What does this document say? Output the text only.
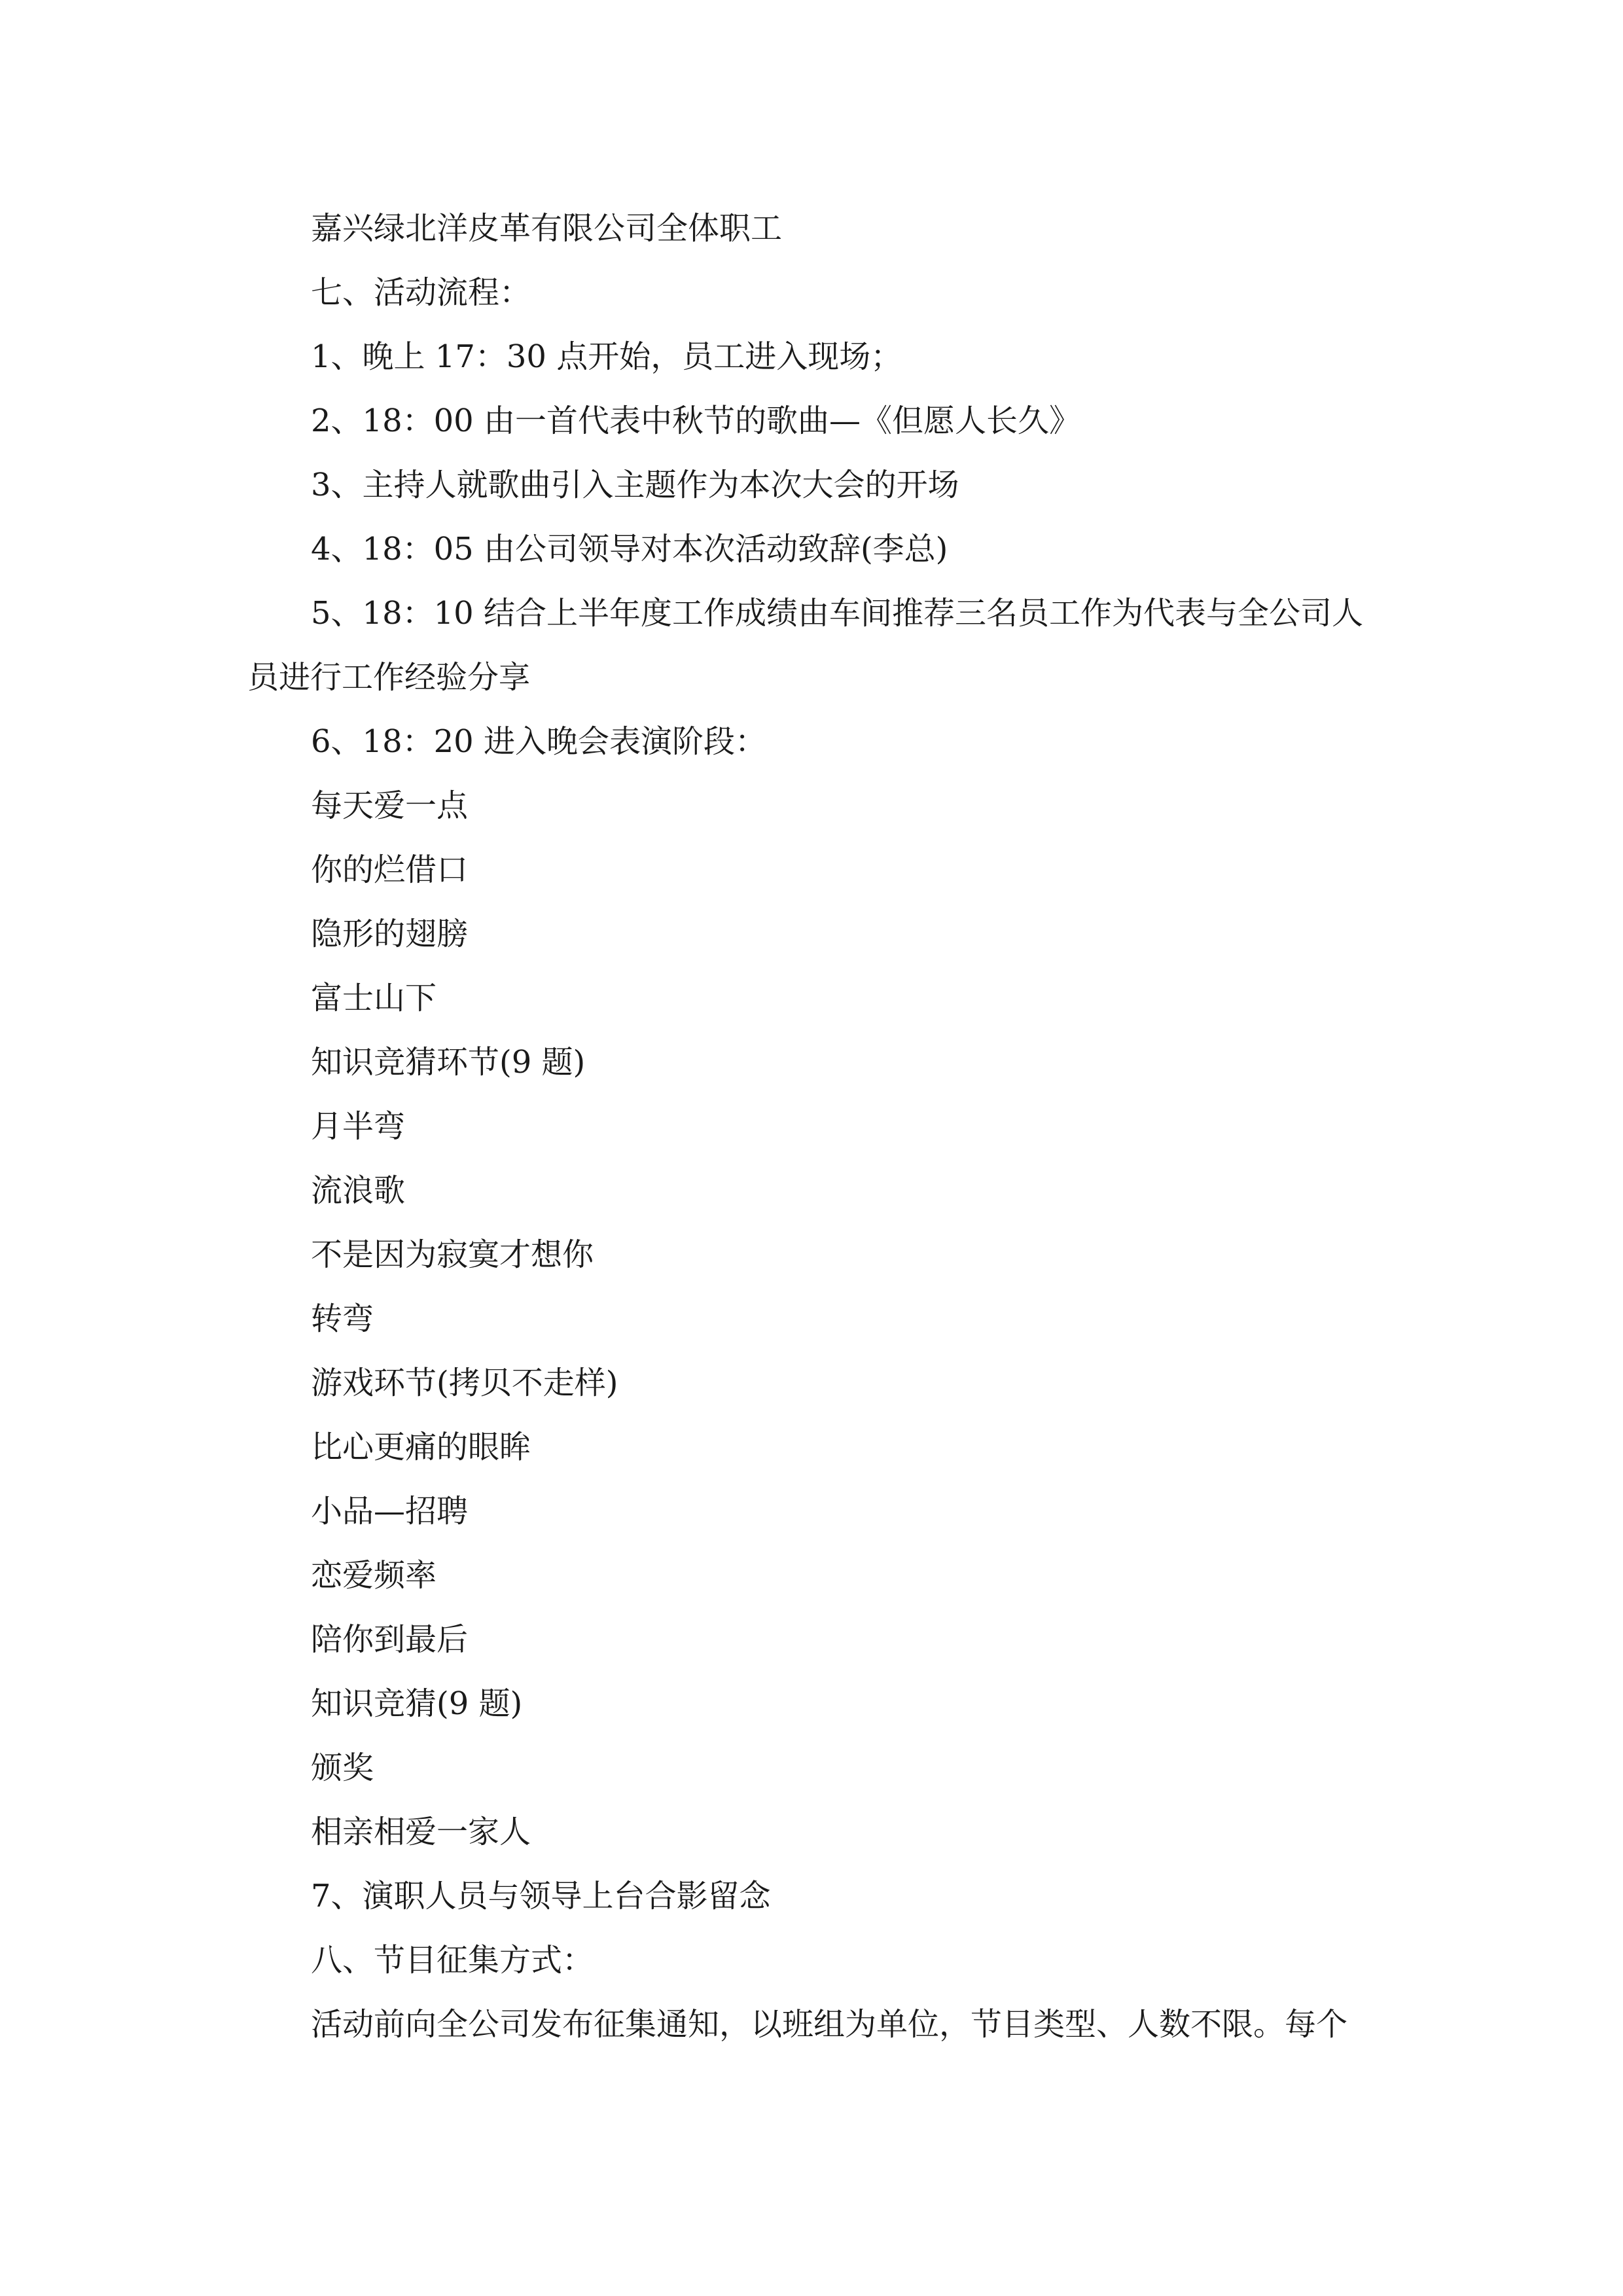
嘉兴绿北洋皮革有限公司全体职工
七、活动流程：
1、晚上 17：30 点开始，员工进入现场；
2、18：00 由一首代表中秋节的歌曲—《但愿人长久》
3、主持人就歌曲引入主题作为本次大会的开场
4、18：05 由公司领导对本次活动致辞(李总)
5、18：10 结合上半年度工作成绩由车间推荐三名员工作为代表与全公司人员进行工作经验分享
6、18：20 进入晚会表演阶段：
每天爱一点
你的烂借口
隐形的翅膀
富士山下
知识竞猜环节(9 题)
月半弯
流浪歌
不是因为寂寞才想你
转弯
游戏环节(拷贝不走样)
比心更痛的眼眸
小品—招聘
恋爱频率
陪你到最后
知识竞猜(9 题)
颁奖
相亲相爱一家人
7、演职人员与领导上台合影留念
八、节目征集方式：
活动前向全公司发布征集通知，以班组为单位，节目类型、人数不限。每个
